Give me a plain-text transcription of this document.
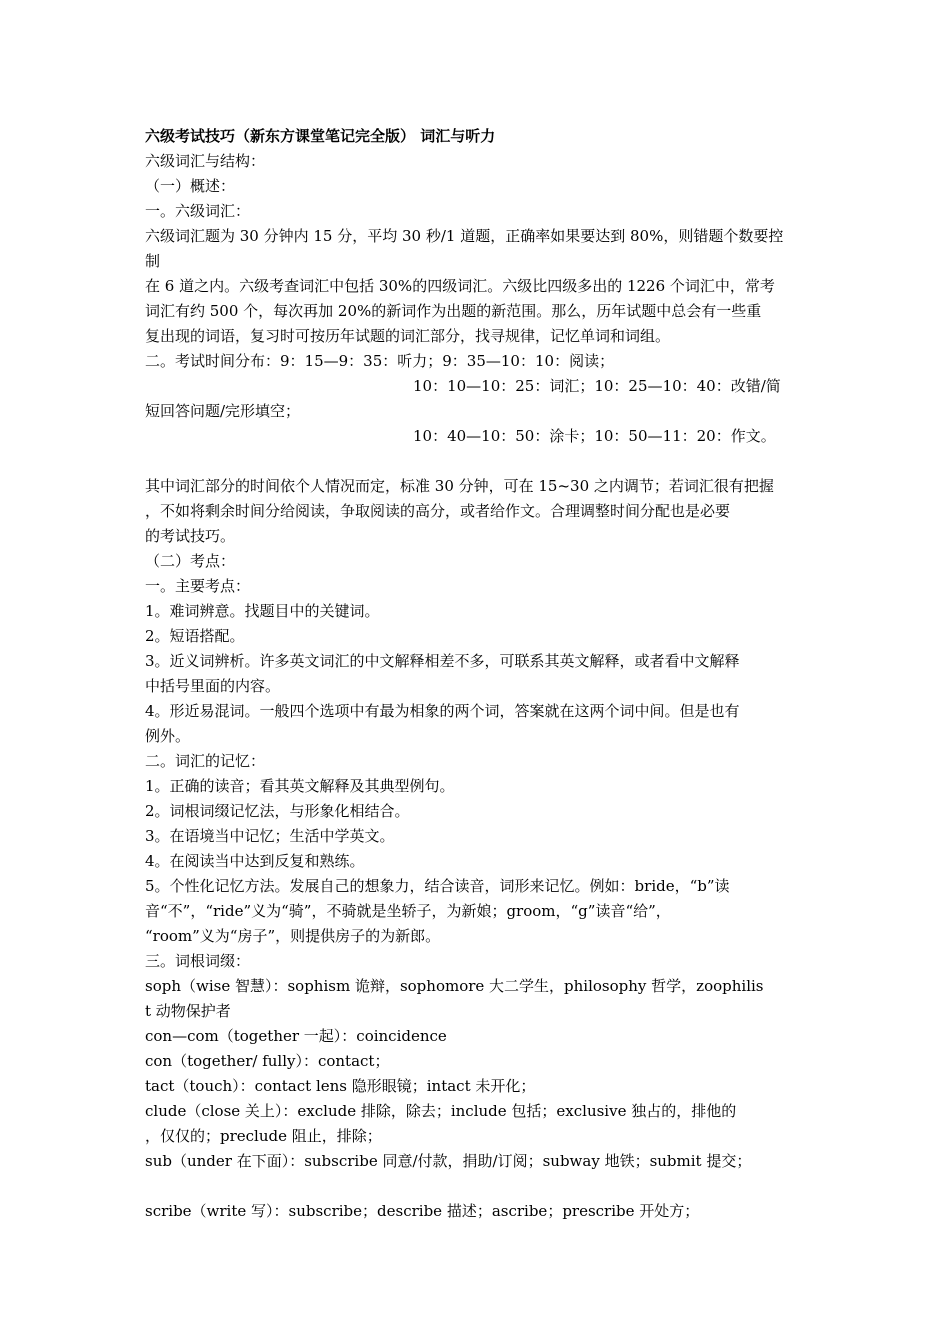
六级考试技巧（新东方课堂笔记完全版） 词汇与听力

六级词汇与结构：

（一）概述：

一。六级词汇：

六级词汇题为 30 分钟内 15 分，平均 30 秒/1 道题，正确率如果要达到 80%，则错题个数要控

制

在 6 道之内。六级考查词汇中包括 30%的四级词汇。六级比四级多出的 1226 个词汇中，常考

词汇有约 500 个，每次再加 20%的新词作为出题的新范围。那么，历年试题中总会有一些重

复出现的词语，复习时可按历年试题的词汇部分，找寻规律，记忆单词和词组。

二。考试时间分布：9：15—9：35：听力；9：35—10：10：阅读；

10：10—10：25：词汇；10：25—10：40：改错/简

短回答问题/完形填空；

10：40—10：50：涂卡；10：50—11：20：作文。

其中词汇部分的时间依个人情况而定，标准 30 分钟，可在 15~30 之内调节；若词汇很有把握

，不如将剩余时间分给阅读，争取阅读的高分，或者给作文。合理调整时间分配也是必要

的考试技巧。

（二）考点：

一。主要考点：

1。难词辨意。找题目中的关键词。

2。短语搭配。

3。近义词辨析。许多英文词汇的中文解释相差不多，可联系其英文解释，或者看中文解释

中括号里面的内容。

4。形近易混词。一般四个选项中有最为相象的两个词，答案就在这两个词中间。但是也有

例外。

二。词汇的记忆：

1。正确的读音；看其英文解释及其典型例句。

2。词根词缀记忆法，与形象化相结合。

3。在语境当中记忆；生活中学英文。

4。在阅读当中达到反复和熟练。

5。个性化记忆方法。发展自己的想象力，结合读音，词形来记忆。例如：bride，“b”读

音“不”，“ride”义为“骑”，不骑就是坐轿子，为新娘；groom，“g”读音“给”，

“room”义为“房子”，则提供房子的为新郎。

三。词根词缀：

soph（wise 智慧）：sophism 诡辩，sophomore 大二学生，philosophy 哲学，zoophilis

t 动物保护者

con—com（together 一起）：coincidence

con（together/ fully）：contact；

tact（touch）：contact lens 隐形眼镜；intact 未开化；

clude（close 关上）：exclude 排除，除去；include 包括；exclusive 独占的，排他的

，仅仅的；preclude 阻止，排除；

sub（under 在下面）：subscribe 同意/付款，捐助/订阅；subway 地铁；submit 提交；

scribe（write 写）：subscribe；describe 描述；ascribe；prescribe 开处方；
